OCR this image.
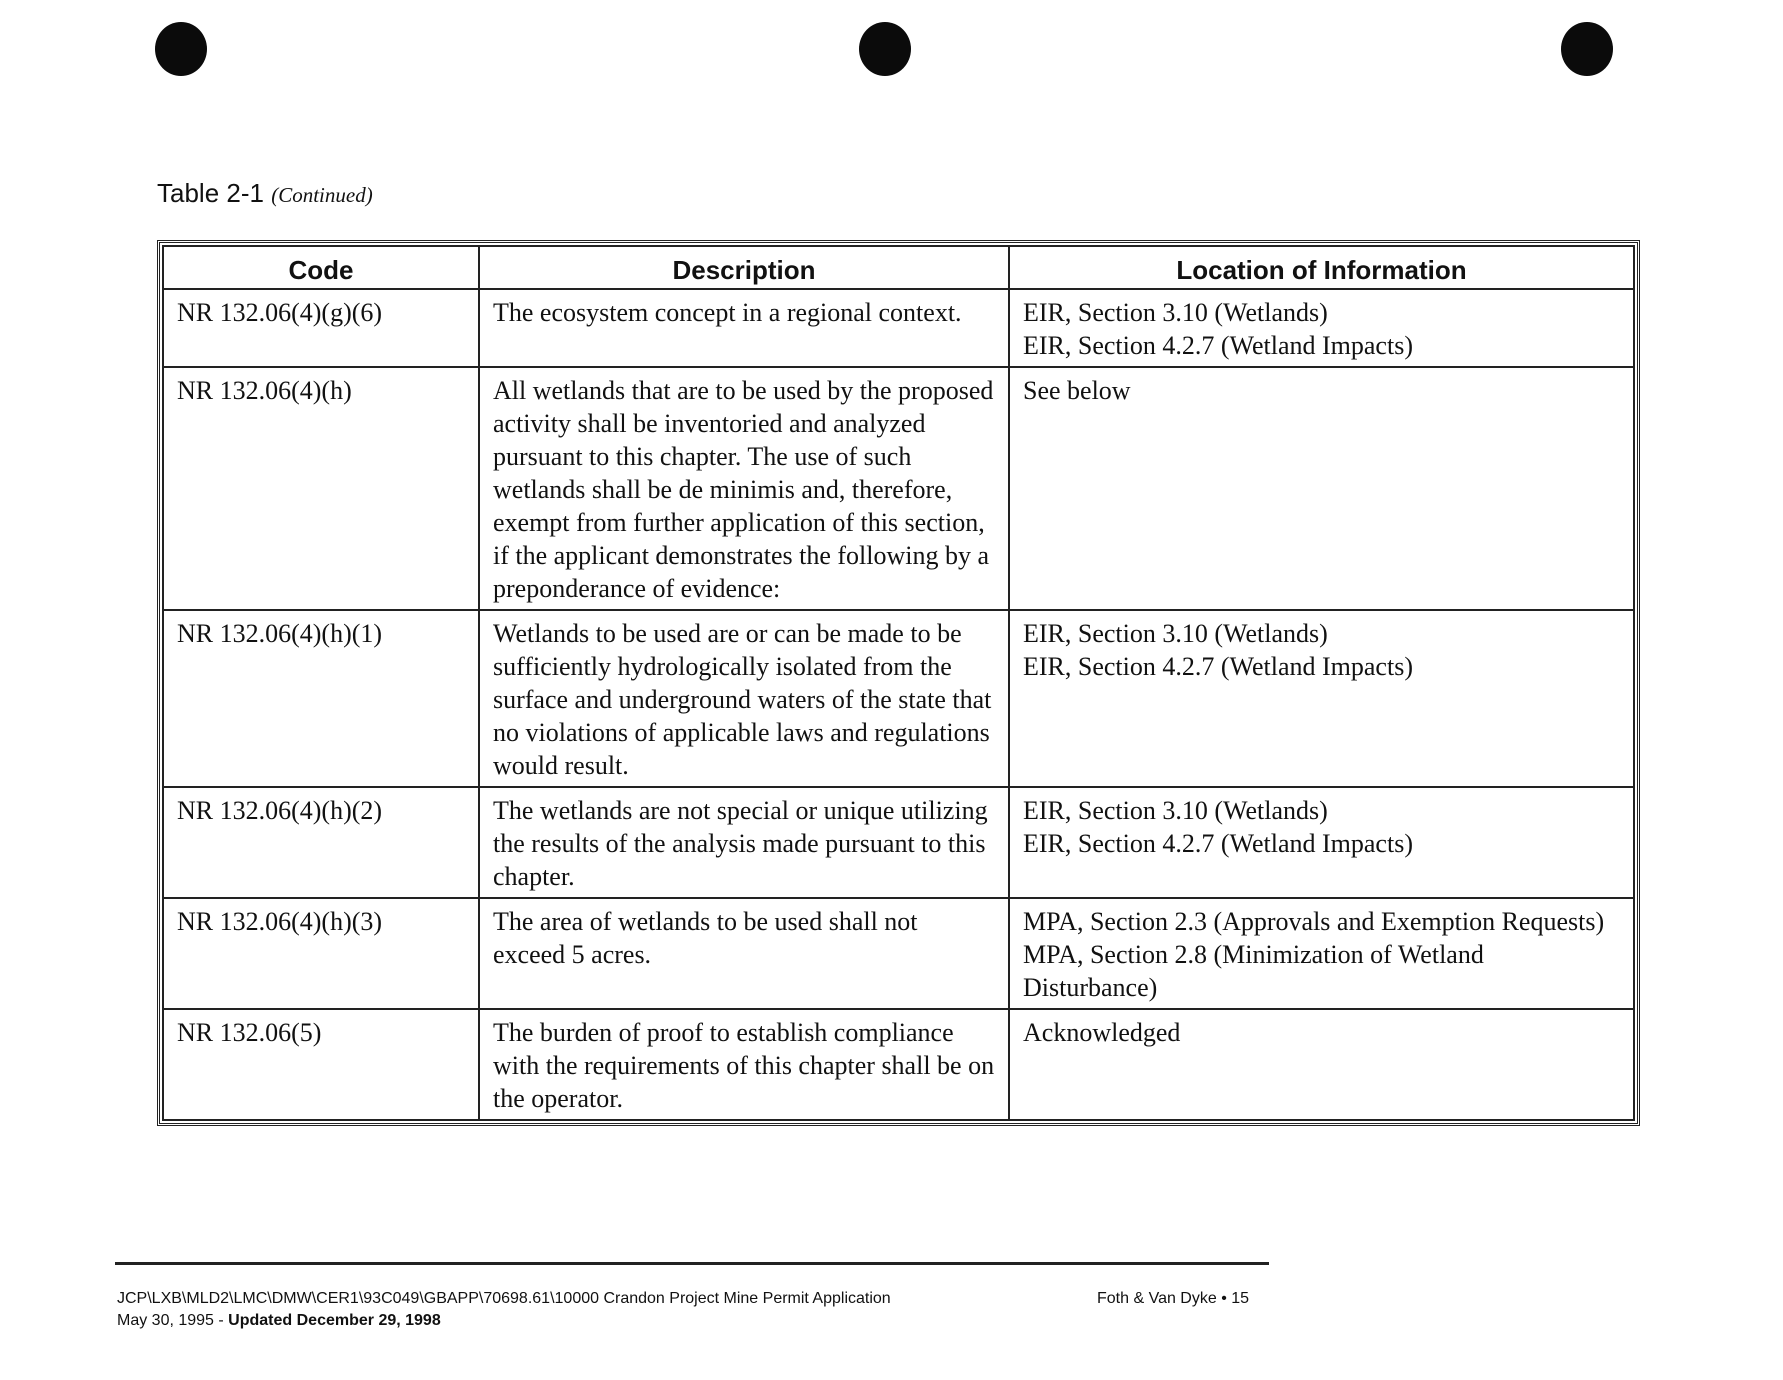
Table 2-1 (Continued)
Code	Description	Location of Information
NR 132.06(4)(g)(6)	The ecosystem concept in a regional context.	EIR, Section 3.10 (Wetlands)
EIR, Section 4.2.7 (Wetland Impacts)

NR 132.06(4)(h)	All wetlands that are to be used by the proposed activity shall be inventoried and analyzed pursuant to this chapter. The use of such wetlands shall be de minimis and, therefore, exempt from further application of this section, if the applicant demonstrates the following by a preponderance of evidence:	See below

NR 132.06(4)(h)(1)	Wetlands to be used are or can be made to be sufficiently hydrologically isolated from the surface and underground waters of the state that no violations of applicable laws and regulations would result.	EIR, Section 3.10 (Wetlands)
EIR, Section 4.2.7 (Wetland Impacts)

NR 132.06(4)(h)(2)	The wetlands are not special or unique utilizing the results of the analysis made pursuant to this chapter.	EIR, Section 3.10 (Wetlands)
EIR, Section 4.2.7 (Wetland Impacts)

NR 132.06(4)(h)(3)	The area of wetlands to be used shall not exceed 5 acres.	MPA, Section 2.3 (Approvals and Exemption Requests)
MPA, Section 2.8 (Minimization of Wetland Disturbance)

NR 132.06(5)	The burden of proof to establish compliance with the requirements of this chapter shall be on the operator.	Acknowledged
JCP\LXB\MLD2\LMC\DMW\CER1\93C049\GBAPP\70698.61\10000 Crandon Project Mine Permit Application
May 30, 1995 - Updated December 29, 1998
Foth & Van Dyke • 15
